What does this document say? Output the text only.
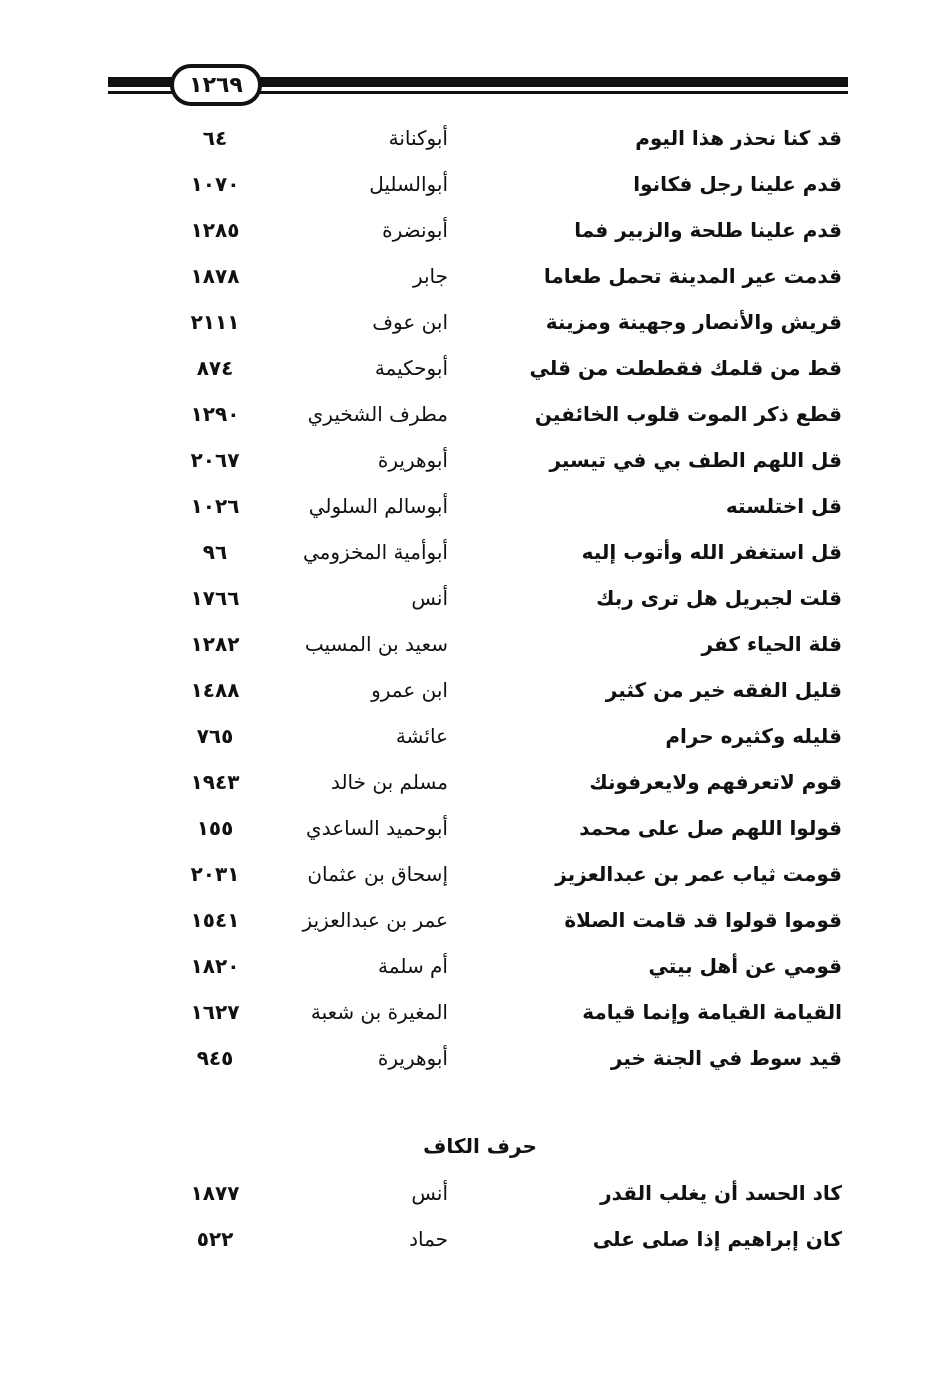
١٢٦٩
قد كنا نحذر هذا اليوم
أبوكنانة
٦٤
قدم علينا رجل فكانوا
أبوالسليل
١٠٧٠
قدم علينا طلحة والزبير فما
أبونضرة
١٢٨٥
قدمت عير المدينة تحمل طعاما
جابر
١٨٧٨
قريش والأنصار وجهينة ومزينة
ابن عوف
٢١١١
قط من قلمك فقططت من قلي
أبوحكيمة
٨٧٤
قطع ذكر الموت قلوب الخائفين
مطرف الشخيري
١٢٩٠
قل اللهم الطف بي في تيسير
أبوهريرة
٢٠٦٧
قل اختلسته
أبوسالم السلولي
١٠٢٦
قل استغفر الله وأتوب إليه
أبوأمية المخزومي
٩٦
قلت لجبريل هل ترى ربك
أنس
١٧٦٦
قلة الحياء كفر
سعيد بن المسيب
١٢٨٢
قليل الفقه خير من كثير
ابن عمرو
١٤٨٨
قليله وكثيره حرام
عائشة
٧٦٥
قوم لاتعرفهم ولايعرفونك
مسلم بن خالد
١٩٤٣
قولوا اللهم صل على محمد
أبوحميد الساعدي
١٥٥
قومت ثياب عمر بن عبدالعزيز
إسحاق بن عثمان
٢٠٣١
قوموا قولوا قد قامت الصلاة
عمر بن عبدالعزيز
١٥٤١
قومي عن أهل بيتي
أم سلمة
١٨٢٠
القيامة القيامة وإنما قيامة
المغيرة بن شعبة
١٦٢٧
قيد سوط في الجنة خير
أبوهريرة
٩٤٥
حرف الكاف
كاد الحسد أن يغلب القدر
أنس
١٨٧٧
كان إبراهيم إذا صلى على
حماد
٥٢٢
